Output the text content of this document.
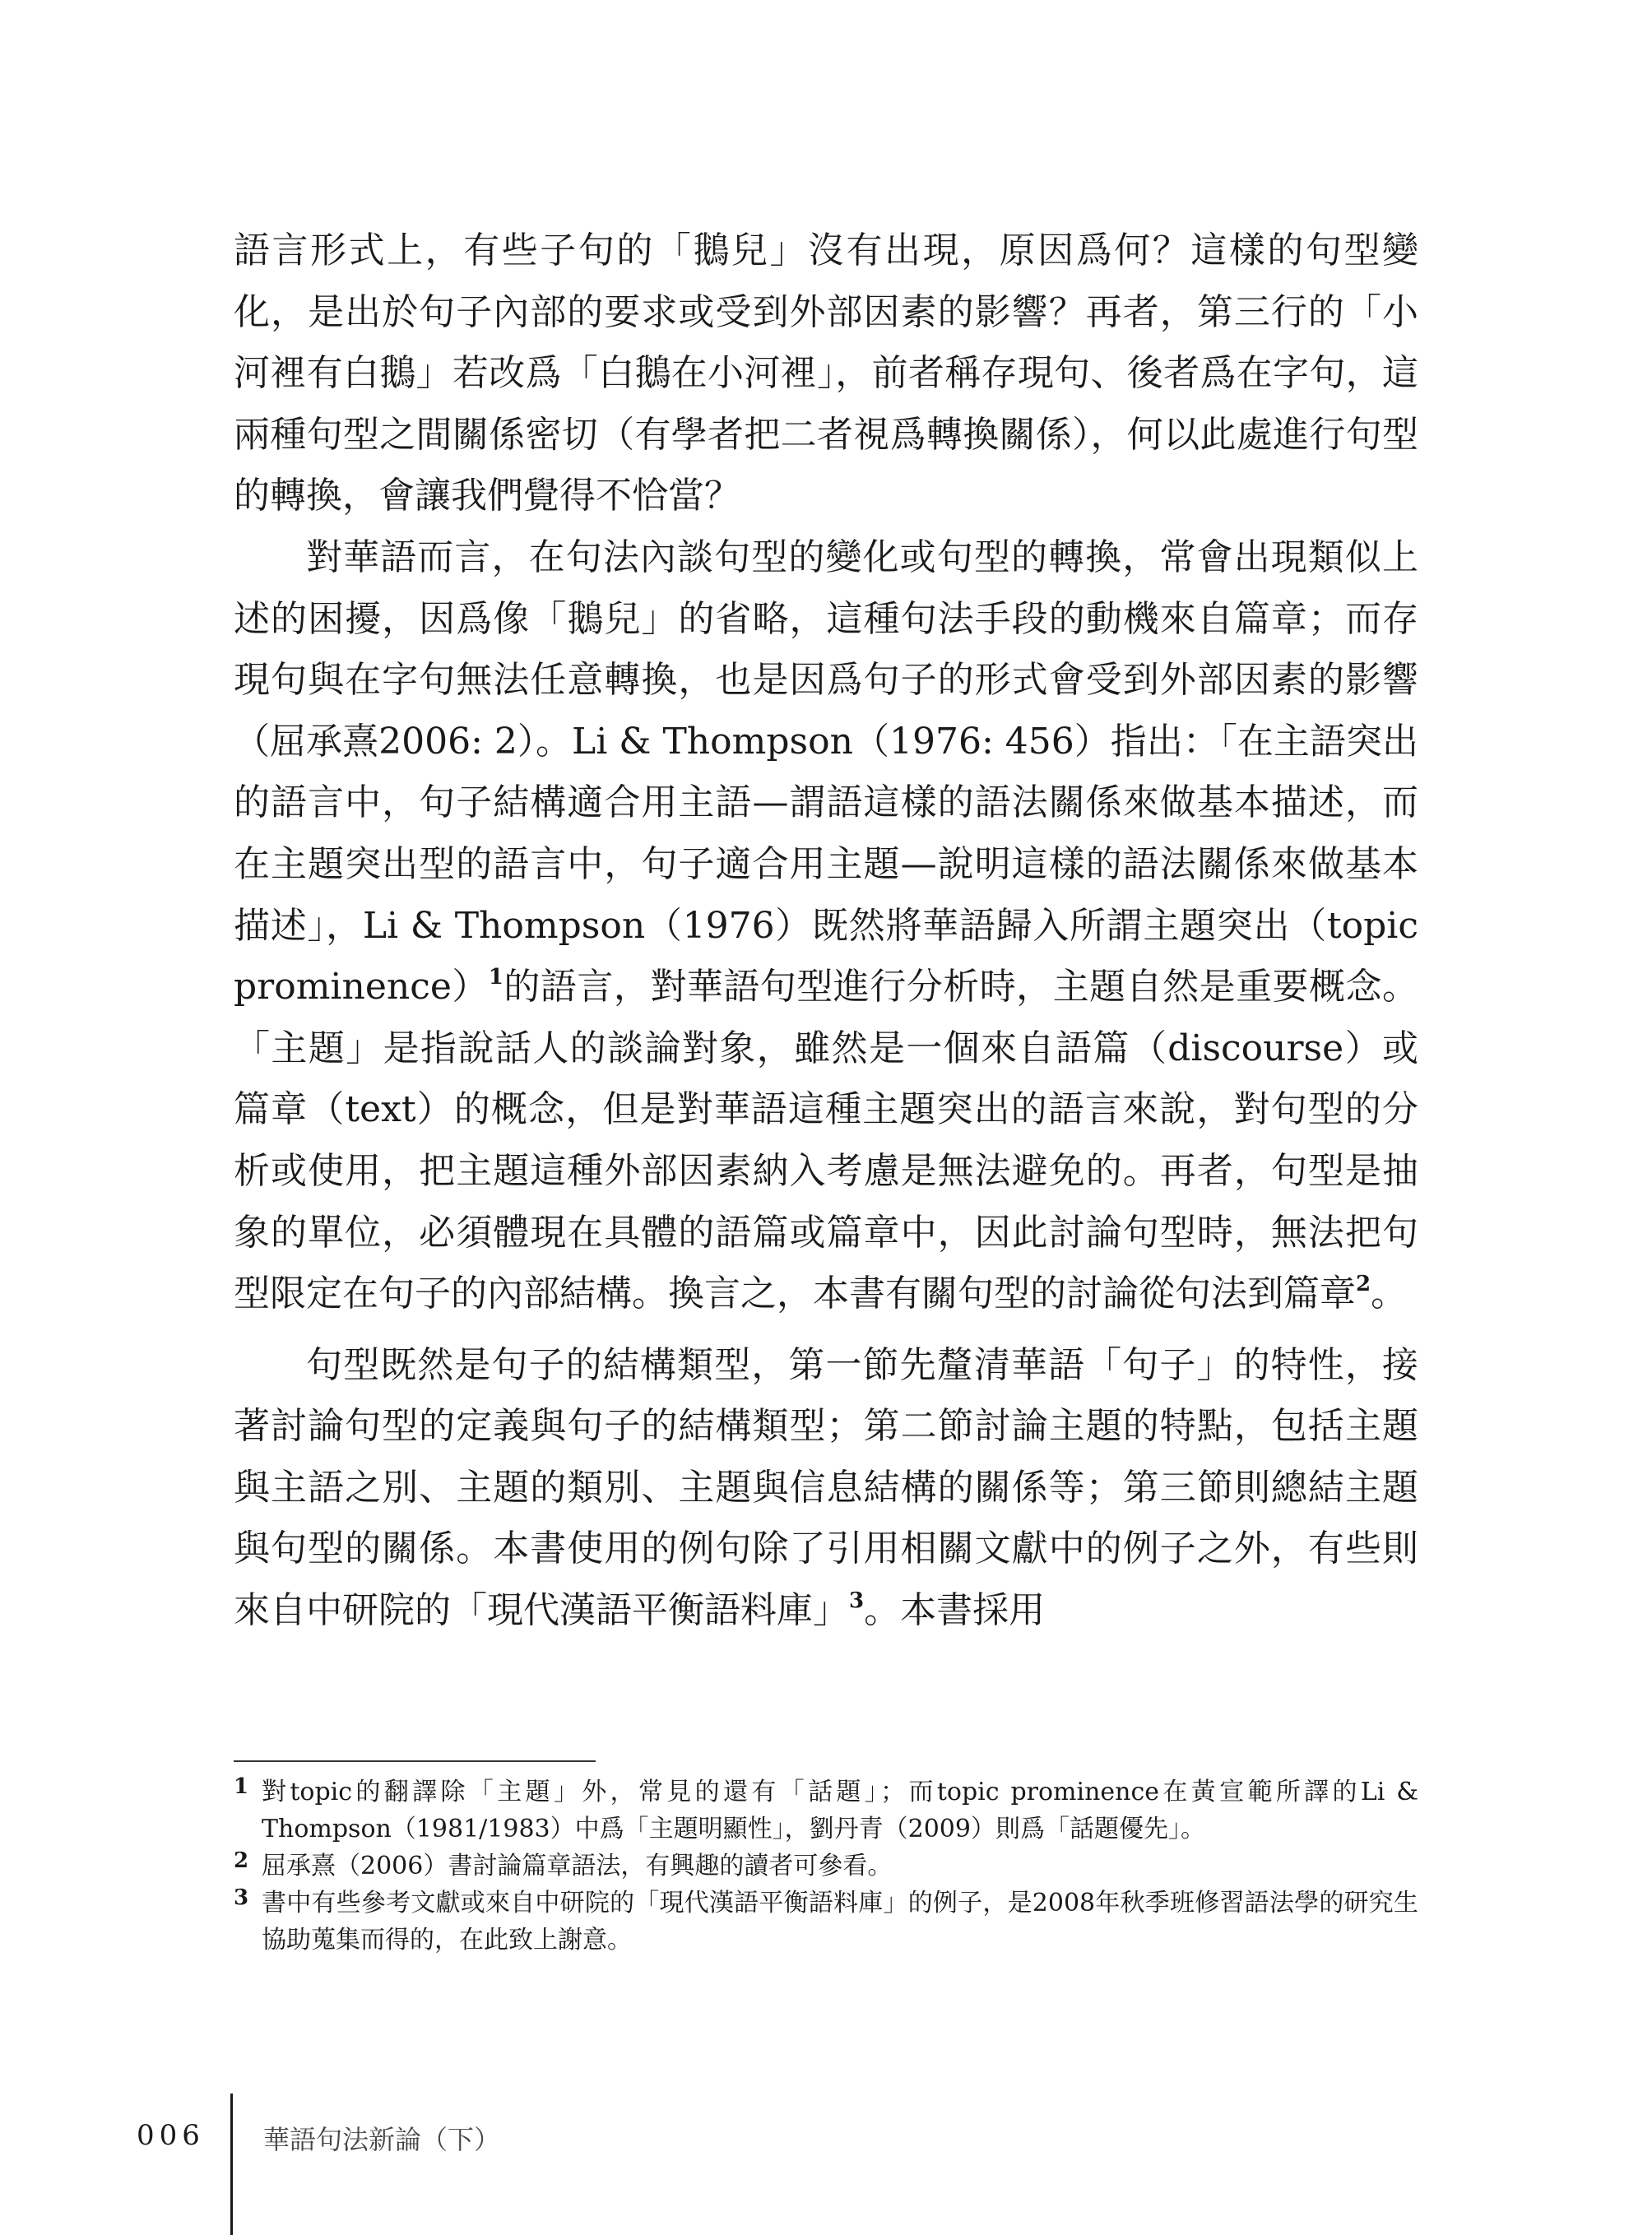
語言形式上，有些子句的「鵝兒」沒有出現，原因爲何？這樣的句型變化，是出於句子內部的要求或受到外部因素的影響？再者，第三行的「小河裡有白鵝」若改爲「白鵝在小河裡」，前者稱存現句、後者爲在字句，這兩種句型之間關係密切（有學者把二者視爲轉換關係），何以此處進行句型的轉換，會讓我們覺得不恰當？

對華語而言，在句法內談句型的變化或句型的轉換，常會出現類似上述的困擾，因爲像「鵝兒」的省略，這種句法手段的動機來自篇章；而存現句與在字句無法任意轉換，也是因爲句子的形式會受到外部因素的影響（屈承熹2006: 2）。Li & Thompson（1976: 456）指出：「在主語突出的語言中，句子結構適合用主語—謂語這樣的語法關係來做基本描述，而在主題突出型的語言中，句子適合用主題—說明這樣的語法關係來做基本描述」，Li & Thompson（1976）既然將華語歸入所謂主題突出（topic prominence）$^1$的語言，對華語句型進行分析時，主題自然是重要概念。「主題」是指說話人的談論對象，雖然是一個來自語篇（discourse）或篇章（text）的概念，但是對華語這種主題突出的語言來說，對句型的分析或使用，把主題這種外部因素納入考慮是無法避免的。再者，句型是抽象的單位，必須體現在具體的語篇或篇章中，因此討論句型時，無法把句型限定在句子的內部結構。換言之，本書有關句型的討論從句法到篇章$^2$。

句型既然是句子的結構類型，第一節先釐清華語「句子」的特性，接著討論句型的定義與句子的結構類型；第二節討論主題的特點，包括主題與主語之別、主題的類別、主題與信息結構的關係等；第三節則總結主題與句型的關係。本書使用的例句除了引用相關文獻中的例子之外，有些則來自中研院的「現代漢語平衡語料庫」$^3$。本書採用

1 對topic的翻譯除「主題」外，常見的還有「話題」；而topic prominence在黃宣範所譯的Li & Thompson（1981/1983）中爲「主題明顯性」，劉丹青（2009）則爲「話題優先」。
2 屈承熹（2006）書討論篇章語法，有興趣的讀者可參看。
3 書中有些參考文獻或來自中研院的「現代漢語平衡語料庫」的例子，是2008年秋季班修習語法學的研究生協助蒐集而得的，在此致上謝意。
006 華語句法新論（下）
